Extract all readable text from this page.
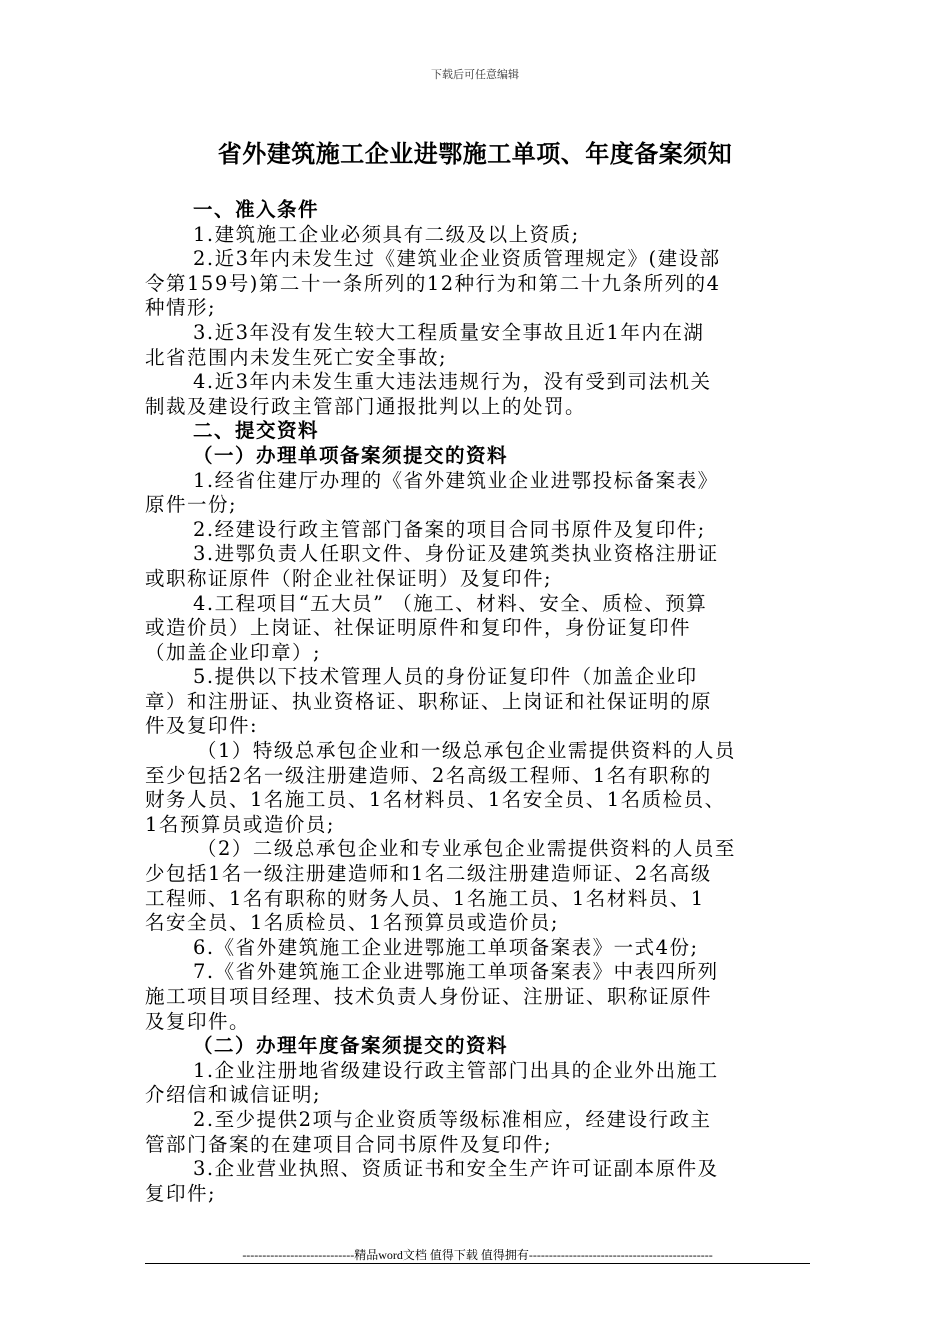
下载后可任意编辑
省外建筑施工企业进鄂施工单项、年度备案须知
一、准入条件
1.建筑施工企业必须具有二级及以上资质;
2.近3年内未发生过《建筑业企业资质管理规定》(建设部
令第159号)第二十一条所列的12种行为和第二十九条所列的4
种情形;
3.近3年没有发生较大工程质量安全事故且近1年内在湖
北省范围内未发生死亡安全事故;
4.近3年内未发生重大违法违规行为，没有受到司法机关
制裁及建设行政主管部门通报批判以上的处罚。
二、提交资料
（一）办理单项备案须提交的资料
1.经省住建厅办理的《省外建筑业企业进鄂投标备案表》
原件一份;
2.经建设行政主管部门备案的项目合同书原件及复印件;
3.进鄂负责人任职文件、身份证及建筑类执业资格注册证
或职称证原件（附企业社保证明）及复印件;
4.工程项目“五大员” （施工、材料、安全、质检、预算
或造价员）上岗证、社保证明原件和复印件，身份证复印件
（加盖企业印章）;
5.提供以下技术管理人员的身份证复印件（加盖企业印
章）和注册证、执业资格证、职称证、上岗证和社保证明的原
件及复印件:
（1）特级总承包企业和一级总承包企业需提供资料的人员
至少包括2名一级注册建造师、2名高级工程师、1名有职称的
财务人员、1名施工员、1名材料员、1名安全员、1名质检员、
1名预算员或造价员;
（2）二级总承包企业和专业承包企业需提供资料的人员至
少包括1名一级注册建造师和1名二级注册建造师证、2名高级
工程师、1名有职称的财务人员、1名施工员、1名材料员、1
名安全员、1名质检员、1名预算员或造价员;
6.《省外建筑施工企业进鄂施工单项备案表》一式4份;
7.《省外建筑施工企业进鄂施工单项备案表》中表四所列
施工项目项目经理、技术负责人身份证、注册证、职称证原件
及复印件。
（二）办理年度备案须提交的资料
1.企业注册地省级建设行政主管部门出具的企业外出施工
介绍信和诚信证明;
2.至少提供2项与企业资质等级标准相应，经建设行政主
管部门备案的在建项目合同书原件及复印件;
3.企业营业执照、资质证书和安全生产许可证副本原件及
复印件;
----------------------------精品word文档 值得下载 值得拥有----------------------------------------------
